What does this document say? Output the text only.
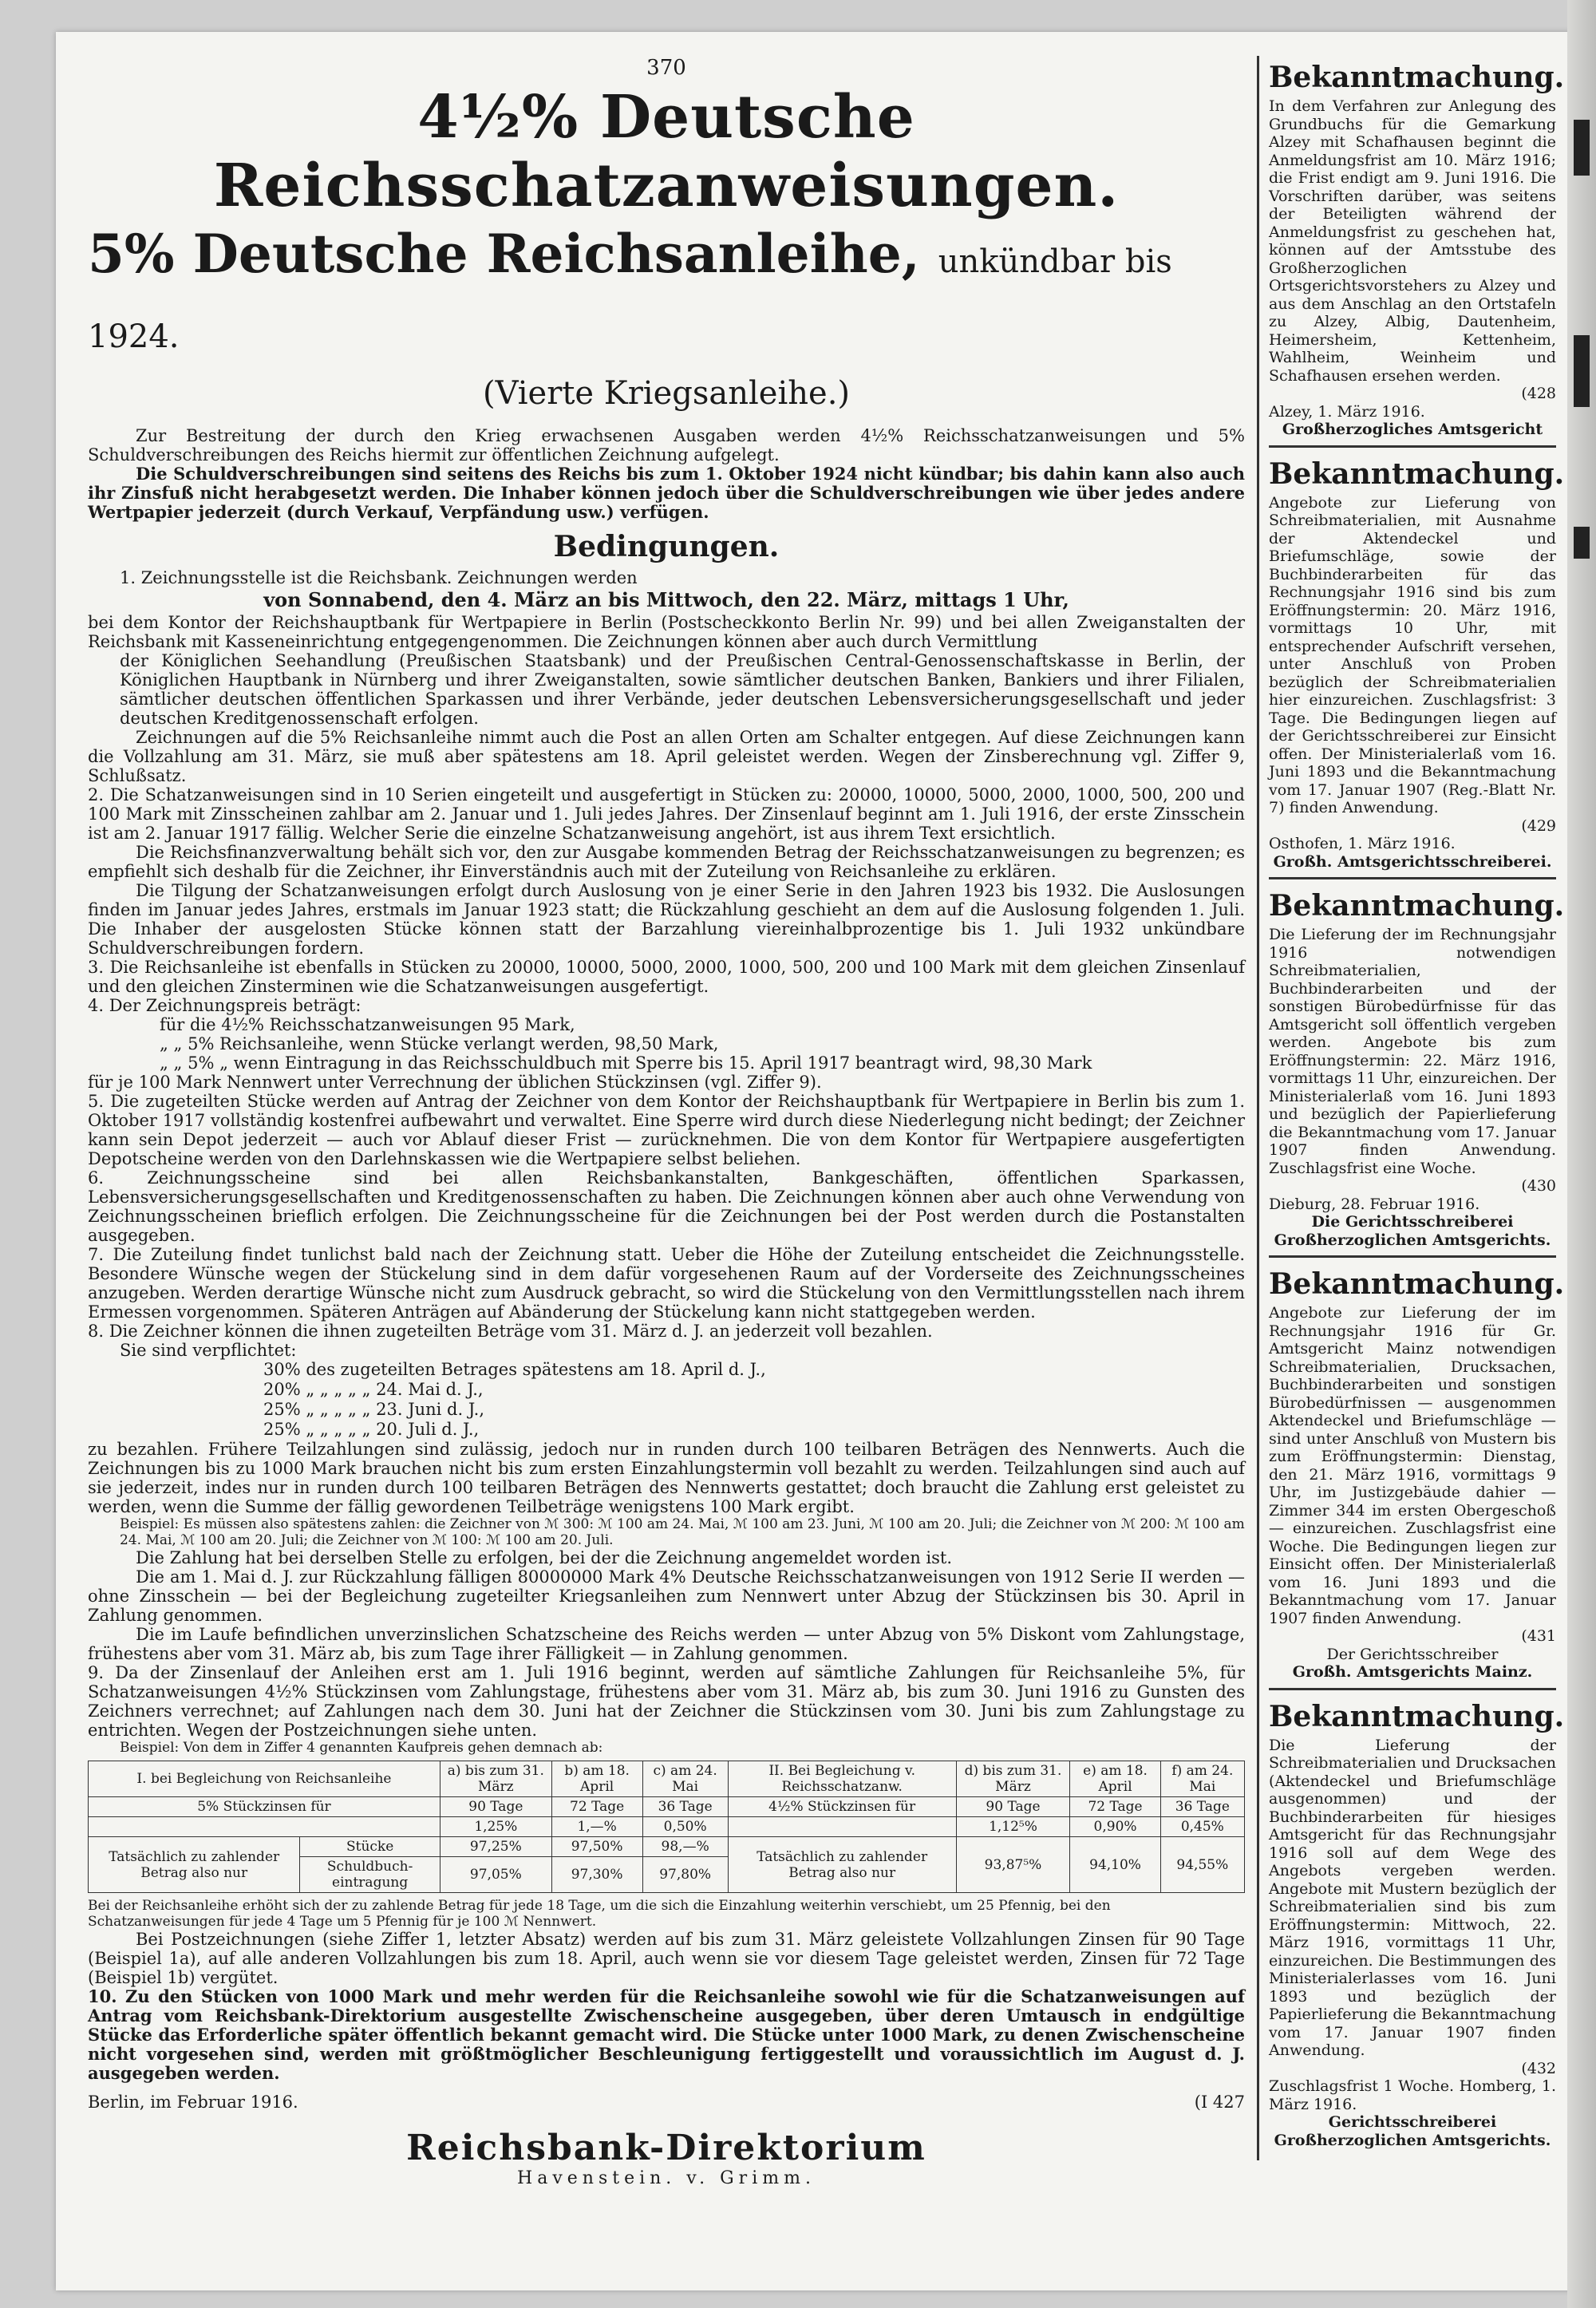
370
4½% Deutsche Reichsschatzanweisungen.
5% Deutsche Reichsanleihe, unkündbar bis 1924.
(Vierte Kriegsanleihe.)

Zur Bestreitung der durch den Krieg erwachsenen Ausgaben werden 4½% Reichsschatzanweisungen und 5% Schuldverschreibungen des Reichs hiermit zur öffentlichen Zeichnung aufgelegt.

Die Schuldverschreibungen sind seitens des Reichs bis zum 1. Oktober 1924 nicht kündbar; bis dahin kann also auch ihr Zinsfuß nicht herabgesetzt werden. Die Inhaber können jedoch über die Schuldverschreibungen wie über jedes andere Wertpapier jederzeit (durch Verkauf, Verpfändung usw.) verfügen.

Bedingungen.

1. Zeichnungsstelle ist die Reichsbank. Zeichnungen werden

von Sonnabend, den 4. März an bis Mittwoch, den 22. März, mittags 1 Uhr,

bei dem Kontor der Reichshauptbank für Wertpapiere in Berlin (Postscheckkonto Berlin Nr. 99) und bei allen Zweiganstalten der Reichsbank mit Kasseneinrichtung entgegengenommen. Die Zeichnungen können aber auch durch Vermittlung

der Königlichen Seehandlung (Preußischen Staatsbank) und der Preußischen Central-Genossenschaftskasse in Berlin, der Königlichen Hauptbank in Nürnberg und ihrer Zweiganstalten, sowie sämtlicher deutschen Banken, Bankiers und ihrer Filialen, sämtlicher deutschen öffentlichen Sparkassen und ihrer Verbände, jeder deutschen Lebensversicherungsgesellschaft und jeder deutschen Kreditgenossenschaft erfolgen.

Zeichnungen auf die 5% Reichsanleihe nimmt auch die Post an allen Orten am Schalter entgegen. Auf diese Zeichnungen kann die Vollzahlung am 31. März, sie muß aber spätestens am 18. April geleistet werden. Wegen der Zinsberechnung vgl. Ziffer 9, Schlußsatz.

2. Die Schatzanweisungen sind in 10 Serien eingeteilt und ausgefertigt in Stücken zu: 20000, 10000, 5000, 2000, 1000, 500, 200 und 100 Mark mit Zinsscheinen zahlbar am 2. Januar und 1. Juli jedes Jahres. Der Zinsenlauf beginnt am 1. Juli 1916, der erste Zinsschein ist am 2. Januar 1917 fällig. Welcher Serie die einzelne Schatzanweisung angehört, ist aus ihrem Text ersichtlich.

Die Reichsfinanzverwaltung behält sich vor, den zur Ausgabe kommenden Betrag der Reichsschatzanweisungen zu begrenzen; es empfiehlt sich deshalb für die Zeichner, ihr Einverständnis auch mit der Zuteilung von Reichsanleihe zu erklären.

Die Tilgung der Schatzanweisungen erfolgt durch Auslosung von je einer Serie in den Jahren 1923 bis 1932. Die Auslosungen finden im Januar jedes Jahres, erstmals im Januar 1923 statt; die Rückzahlung geschieht an dem auf die Auslosung folgenden 1. Juli. Die Inhaber der ausgelosten Stücke können statt der Barzahlung viereinhalbprozentige bis 1. Juli 1932 unkündbare Schuldverschreibungen fordern.

3. Die Reichsanleihe ist ebenfalls in Stücken zu 20000, 10000, 5000, 2000, 1000, 500, 200 und 100 Mark mit dem gleichen Zinsenlauf und den gleichen Zinsterminen wie die Schatzanweisungen ausgefertigt.

4. Der Zeichnungspreis beträgt:

für die 4½% Reichsschatzanweisungen 95 Mark,

„ „ 5% Reichsanleihe, wenn Stücke verlangt werden, 98,50 Mark,

„ „ 5% „ wenn Eintragung in das Reichsschuldbuch mit Sperre bis 15. April 1917 beantragt wird, 98,30 Mark

für je 100 Mark Nennwert unter Verrechnung der üblichen Stückzinsen (vgl. Ziffer 9).

5. Die zugeteilten Stücke werden auf Antrag der Zeichner von dem Kontor der Reichshauptbank für Wertpapiere in Berlin bis zum 1. Oktober 1917 vollständig kostenfrei aufbewahrt und verwaltet. Eine Sperre wird durch diese Niederlegung nicht bedingt; der Zeichner kann sein Depot jederzeit — auch vor Ablauf dieser Frist — zurücknehmen. Die von dem Kontor für Wertpapiere ausgefertigten Depotscheine werden von den Darlehnskassen wie die Wertpapiere selbst beliehen.

6. Zeichnungsscheine sind bei allen Reichsbankanstalten, Bankgeschäften, öffentlichen Sparkassen, Lebensversicherungsgesellschaften und Kreditgenossenschaften zu haben. Die Zeichnungen können aber auch ohne Verwendung von Zeichnungsscheinen brieflich erfolgen. Die Zeichnungsscheine für die Zeichnungen bei der Post werden durch die Postanstalten ausgegeben.

7. Die Zuteilung findet tunlichst bald nach der Zeichnung statt. Ueber die Höhe der Zuteilung entscheidet die Zeichnungsstelle. Besondere Wünsche wegen der Stückelung sind in dem dafür vorgesehenen Raum auf der Vorderseite des Zeichnungsscheines anzugeben. Werden derartige Wünsche nicht zum Ausdruck gebracht, so wird die Stückelung von den Vermittlungsstellen nach ihrem Ermessen vorgenommen. Späteren Anträgen auf Abänderung der Stückelung kann nicht stattgegeben werden.

8. Die Zeichner können die ihnen zugeteilten Beträge vom 31. März d. J. an jederzeit voll bezahlen.

Sie sind verpflichtet:

30% des zugeteilten Betrages spätestens am 18. April d. J.,
20% „ „ „ „ „ 24. Mai d. J.,
25% „ „ „ „ „ 23. Juni d. J.,
25% „ „ „ „ „ 20. Juli d. J.,

zu bezahlen. Frühere Teilzahlungen sind zulässig, jedoch nur in runden durch 100 teilbaren Beträgen des Nennwerts. Auch die Zeichnungen bis zu 1000 Mark brauchen nicht bis zum ersten Einzahlungstermin voll bezahlt zu werden. Teilzahlungen sind auch auf sie jederzeit, indes nur in runden durch 100 teilbaren Beträgen des Nennwerts gestattet; doch braucht die Zahlung erst geleistet zu werden, wenn die Summe der fällig gewordenen Teilbeträge wenigstens 100 Mark ergibt.

Beispiel: Es müssen also spätestens zahlen: die Zeichner von ℳ 300: ℳ 100 am 24. Mai, ℳ 100 am 23. Juni, ℳ 100 am 20. Juli; die Zeichner von ℳ 200: ℳ 100 am 24. Mai, ℳ 100 am 20. Juli; die Zeichner von ℳ 100: ℳ 100 am 20. Juli.

Die Zahlung hat bei derselben Stelle zu erfolgen, bei der die Zeichnung angemeldet worden ist.

Die am 1. Mai d. J. zur Rückzahlung fälligen 80000000 Mark 4% Deutsche Reichsschatzanweisungen von 1912 Serie II werden — ohne Zinsschein — bei der Begleichung zugeteilter Kriegsanleihen zum Nennwert unter Abzug der Stückzinsen bis 30. April in Zahlung genommen.

Die im Laufe befindlichen unverzinslichen Schatzscheine des Reichs werden — unter Abzug von 5% Diskont vom Zahlungstage, frühestens aber vom 31. März ab, bis zum Tage ihrer Fälligkeit — in Zahlung genommen.

9. Da der Zinsenlauf der Anleihen erst am 1. Juli 1916 beginnt, werden auf sämtliche Zahlungen für Reichsanleihe 5%, für Schatzanweisungen 4½% Stückzinsen vom Zahlungstage, frühestens aber vom 31. März ab, bis zum 30. Juni 1916 zu Gunsten des Zeichners verrechnet; auf Zahlungen nach dem 30. Juni hat der Zeichner die Stückzinsen vom 30. Juni bis zum Zahlungstage zu entrichten. Wegen der Postzeichnungen siehe unten.

Beispiel: Von dem in Ziffer 4 genannten Kaufpreis gehen demnach ab:

I. bei Begleichung von Reichsanleihe		a) bis zum 31. März	b) am 18. April	c) am 24. Mai	II. Bei Begleichung v. Reichsschatzanw.	d) bis zum 31. März	e) am 18. April	f) am 24. Mai
5% Stückzinsen für		90 Tage	72 Tage	36 Tage	4½% Stückzinsen für	90 Tage	72 Tage	36 Tage
		1,25%	1,—%	0,50%		1,12⁵%	0,90%	0,45%
Tatsächlich zu zahlender Betrag also nur	Stücke	97,25%	97,50%	98,—%	Tatsächlich zu zahlender Betrag also nur	93,87⁵%	94,10%	94,55%
	Schuldbuch-eintragung	97,05%	97,30%	97,80%				

Bei der Reichsanleihe erhöht sich der zu zahlende Betrag für jede 18 Tage, um die sich die Einzahlung weiterhin verschiebt, um 25 Pfennig, bei den Schatzanweisungen für jede 4 Tage um 5 Pfennig für je 100 ℳ Nennwert.

Bei Postzeichnungen (siehe Ziffer 1, letzter Absatz) werden auf bis zum 31. März geleistete Vollzahlungen Zinsen für 90 Tage (Beispiel 1a), auf alle anderen Vollzahlungen bis zum 18. April, auch wenn sie vor diesem Tage geleistet werden, Zinsen für 72 Tage (Beispiel 1b) vergütet.

10. Zu den Stücken von 1000 Mark und mehr werden für die Reichsanleihe sowohl wie für die Schatzanweisungen auf Antrag vom Reichsbank-Direktorium ausgestellte Zwischenscheine ausgegeben, über deren Umtausch in endgültige Stücke das Erforderliche später öffentlich bekannt gemacht wird. Die Stücke unter 1000 Mark, zu denen Zwischenscheine nicht vorgesehen sind, werden mit größtmöglicher Beschleunigung fertiggestellt und voraussichtlich im August d. J. ausgegeben werden.

Berlin, im Februar 1916.	(I 427
Reichsbank-Direktorium
Havenstein. v. Grimm.
Bekanntmachung.

In dem Verfahren zur Anlegung des Grundbuchs für die Gemarkung Alzey mit Schafhausen beginnt die Anmeldungsfrist am 10. März 1916; die Frist endigt am 9. Juni 1916. Die Vorschriften darüber, was seitens der Beteiligten während der Anmeldungsfrist zu geschehen hat, können auf der Amtsstube des Großherzoglichen Ortsgerichtsvorstehers zu Alzey und aus dem Anschlag an den Ortstafeln zu Alzey, Albig, Dautenheim, Heimersheim, Kettenheim, Wahlheim, Weinheim und Schafhausen ersehen werden.

(428

Alzey, 1. März 1916.

Großherzogliches Amtsgericht

Bekanntmachung.

Angebote zur Lieferung von Schreibmaterialien, mit Ausnahme der Aktendeckel und Briefumschläge, sowie der Buchbinderarbeiten für das Rechnungsjahr 1916 sind bis zum Eröffnungstermin: 20. März 1916, vormittags 10 Uhr, mit entsprechender Aufschrift versehen, unter Anschluß von Proben bezüglich der Schreibmaterialien hier einzureichen. Zuschlagsfrist: 3 Tage. Die Bedingungen liegen auf der Gerichtsschreiberei zur Einsicht offen. Der Ministerialerlaß vom 16. Juni 1893 und die Bekanntmachung vom 17. Januar 1907 (Reg.-Blatt Nr. 7) finden Anwendung.

(429

Osthofen, 1. März 1916.

Großh. Amtsgerichtsschreiberei.

Bekanntmachung.

Die Lieferung der im Rechnungsjahr 1916 notwendigen Schreibmaterialien, Buchbinderarbeiten und der sonstigen Bürobedürfnisse für das Amtsgericht soll öffentlich vergeben werden. Angebote bis zum Eröffnungstermin: 22. März 1916, vormittags 11 Uhr, einzureichen. Der Ministerialerlaß vom 16. Juni 1893 und bezüglich der Papierlieferung die Bekanntmachung vom 17. Januar 1907 finden Anwendung. Zuschlagsfrist eine Woche.

(430

Dieburg, 28. Februar 1916.

Die Gerichtsschreiberei Großherzoglichen Amtsgerichts.

Bekanntmachung.

Angebote zur Lieferung der im Rechnungsjahr 1916 für Gr. Amtsgericht Mainz notwendigen Schreibmaterialien, Drucksachen, Buchbinderarbeiten und sonstigen Bürobedürfnissen — ausgenommen Aktendeckel und Briefumschläge — sind unter Anschluß von Mustern bis zum Eröffnungstermin: Dienstag, den 21. März 1916, vormittags 9 Uhr, im Justizgebäude dahier — Zimmer 344 im ersten Obergeschoß — einzureichen. Zuschlagsfrist eine Woche. Die Bedingungen liegen zur Einsicht offen. Der Ministerialerlaß vom 16. Juni 1893 und die Bekanntmachung vom 17. Januar 1907 finden Anwendung.

(431

Der Gerichtsschreiber

Großh. Amtsgerichts Mainz.

Bekanntmachung.

Die Lieferung der Schreibmaterialien und Drucksachen (Aktendeckel und Briefumschläge ausgenommen) und der Buchbinderarbeiten für hiesiges Amtsgericht für das Rechnungsjahr 1916 soll auf dem Wege des Angebots vergeben werden. Angebote mit Mustern bezüglich der Schreibmaterialien sind bis zum Eröffnungstermin: Mittwoch, 22. März 1916, vormittags 11 Uhr, einzureichen. Die Bestimmungen des Ministerialerlasses vom 16. Juni 1893 und bezüglich der Papierlieferung die Bekanntmachung vom 17. Januar 1907 finden Anwendung.

(432

Zuschlagsfrist 1 Woche. Homberg, 1. März 1916.

Gerichtsschreiberei Großherzoglichen Amtsgerichts.
